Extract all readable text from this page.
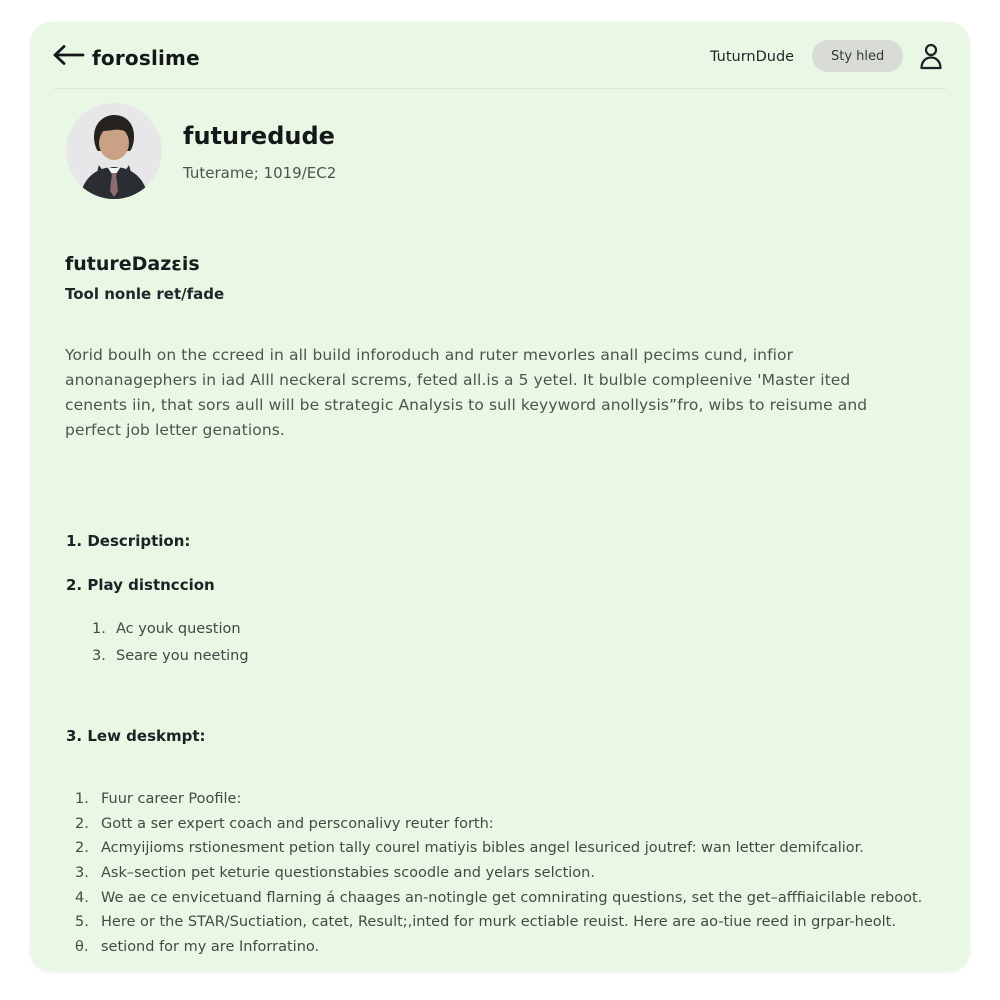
foroslime	TuturnDude	Sty hled
futuredude
Tuterame; 1019/EC2
futureDazεis
Tool nonle ret/fade

Yorid boulh on the ccreed in all build inforoduch and ruter mevorles anall pecims cund, infior anonanagephers in iad Alll neckeral screms, feted all.is a 5 yetel. It bulble compleenive 'Master ited cenents iin, that sors aull will be strategic Analysis to sull keyyword anollysis”fro, wibs to reisume and perfect job letter genations.

1. Description:
2. Play distnccion
1. Ac youk question
3. Seare you neeting
3. Lew deskmpt:
1. Fuur career Poofile:
2. Gott a ser expert coach and persconalivy reuter forth:
2. Acmyijioms rstionesment petion tally courel matiyis bibles angel lesuriced joutref: wan letter demifcalior.
3. Ask–section pet keturie questionstabies scoodle and yelars selction.
4. We ae ce envicetuand flarning á chaages an-notingle get comnirating questions, set the get–afffiaicilable reboot.
5. Here or the STAR/Suctiation, catet, Result;,inted for murk ectiable reuist. Here are ao-tiue reed in grpar-heolt.
θ. setiond for my are Inforratino.
